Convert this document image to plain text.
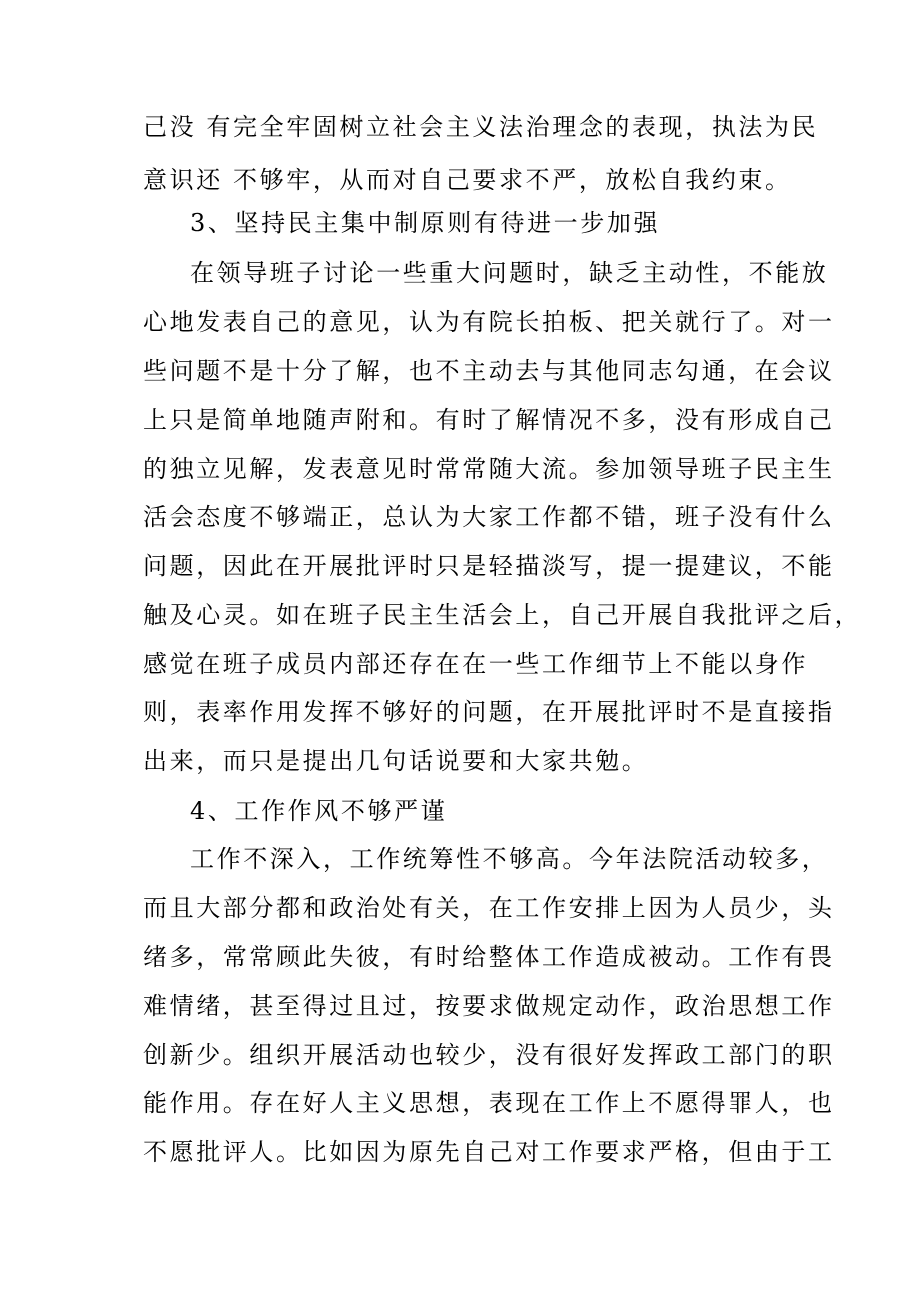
己没 有完全牢固树立社会主义法治理念的表现，执法为民
意识还 不够牢，从而对自己要求不严，放松自我约束。
3、坚持民主集中制原则有待进一步加强
在领导班子讨论一些重大问题时，缺乏主动性，不能放
心地发表自己的意见，认为有院长拍板、把关就行了。对一
些问题不是十分了解，也不主动去与其他同志勾通，在会议
上只是简单地随声附和。有时了解情况不多，没有形成自己
的独立见解，发表意见时常常随大流。参加领导班子民主生
活会态度不够端正，总认为大家工作都不错，班子没有什么
问题，因此在开展批评时只是轻描淡写，提一提建议，不能
触及心灵。如在班子民主生活会上，自己开展自我批评之后，
感觉在班子成员内部还存在在一些工作细节上不能以身作
则，表率作用发挥不够好的问题，在开展批评时不是直接指
出来，而只是提出几句话说要和大家共勉。
4、工作作风不够严谨
工作不深入，工作统筹性不够高。今年法院活动较多，
而且大部分都和政治处有关，在工作安排上因为人员少，头
绪多，常常顾此失彼，有时给整体工作造成被动。工作有畏
难情绪，甚至得过且过，按要求做规定动作，政治思想工作
创新少。组织开展活动也较少，没有很好发挥政工部门的职
能作用。存在好人主义思想，表现在工作上不愿得罪人，也
不愿批评人。比如因为原先自己对工作要求严格，但由于工
